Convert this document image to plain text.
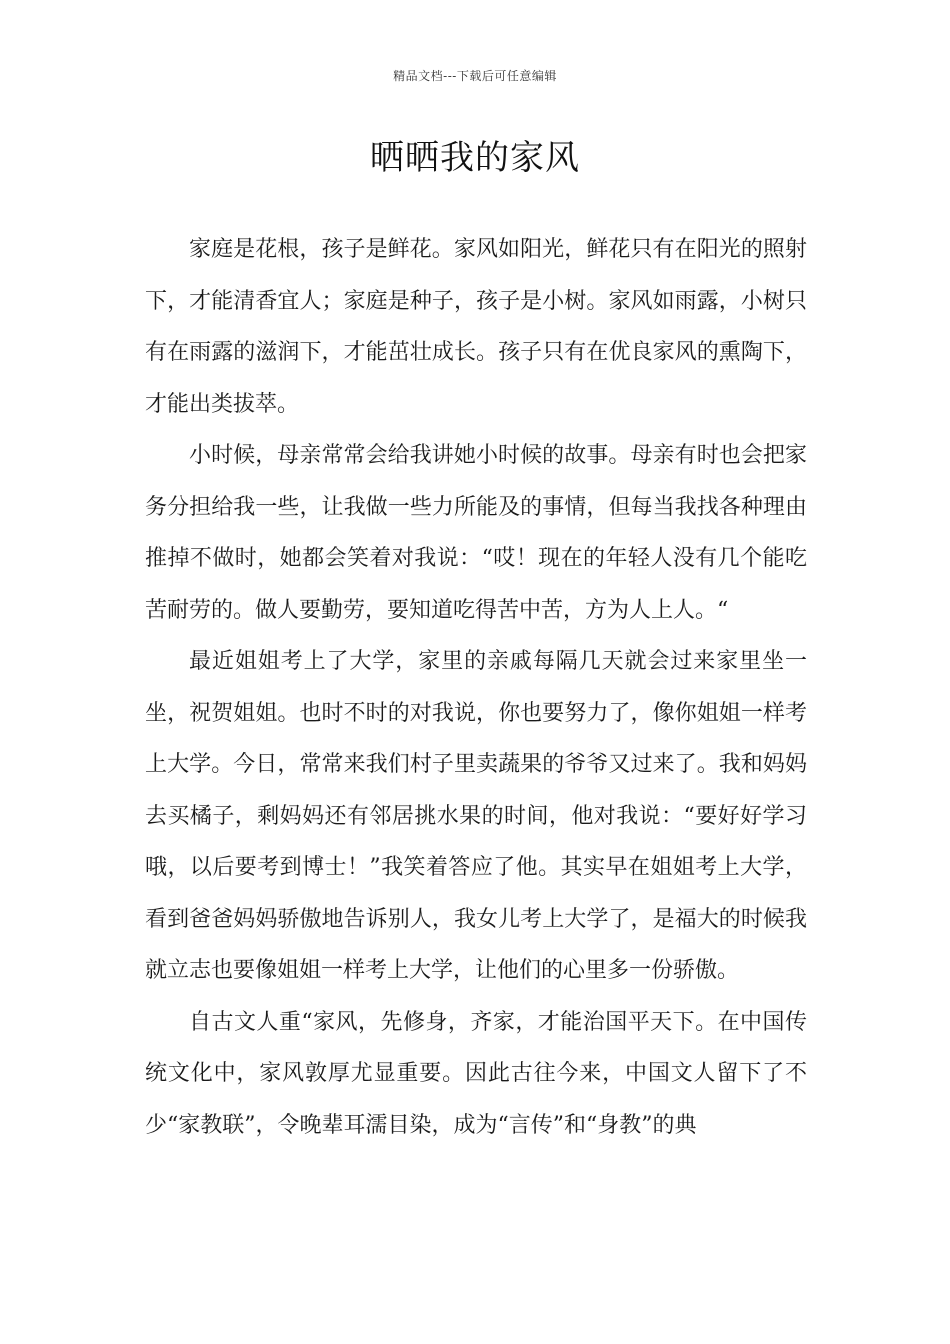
精品文档---下载后可任意编辑
晒晒我的家风

家庭是花根，孩子是鲜花。家风如阳光，鲜花只有在阳光的照射下，才能清香宜人；家庭是种子，孩子是小树。家风如雨露，小树只有在雨露的滋润下，才能茁壮成长。孩子只有在优良家风的熏陶下，才能出类拔萃。

小时候，母亲常常会给我讲她小时候的故事。母亲有时也会把家务分担给我一些，让我做一些力所能及的事情，但每当我找各种理由推掉不做时，她都会笑着对我说：“哎！现在的年轻人没有几个能吃苦耐劳的。做人要勤劳，要知道吃得苦中苦，方为人上人。“

最近姐姐考上了大学，家里的亲戚每隔几天就会过来家里坐一坐，祝贺姐姐。也时不时的对我说，你也要努力了，像你姐姐一样考上大学。今日，常常来我们村子里卖蔬果的爷爷又过来了。我和妈妈去买橘子，剩妈妈还有邻居挑水果的时间，他对我说：“要好好学习哦，以后要考到博士！”我笑着答应了他。其实早在姐姐考上大学，看到爸爸妈妈骄傲地告诉别人，我女儿考上大学了，是福大的时候我就立志也要像姐姐一样考上大学，让他们的心里多一份骄傲。

自古文人重“家风，先修身，齐家，才能治国平天下。在中国传统文化中，家风敦厚尤显重要。因此古往今来，中国文人留下了不少“家教联”，令晚辈耳濡目染，成为“言传”和“身教”的典
